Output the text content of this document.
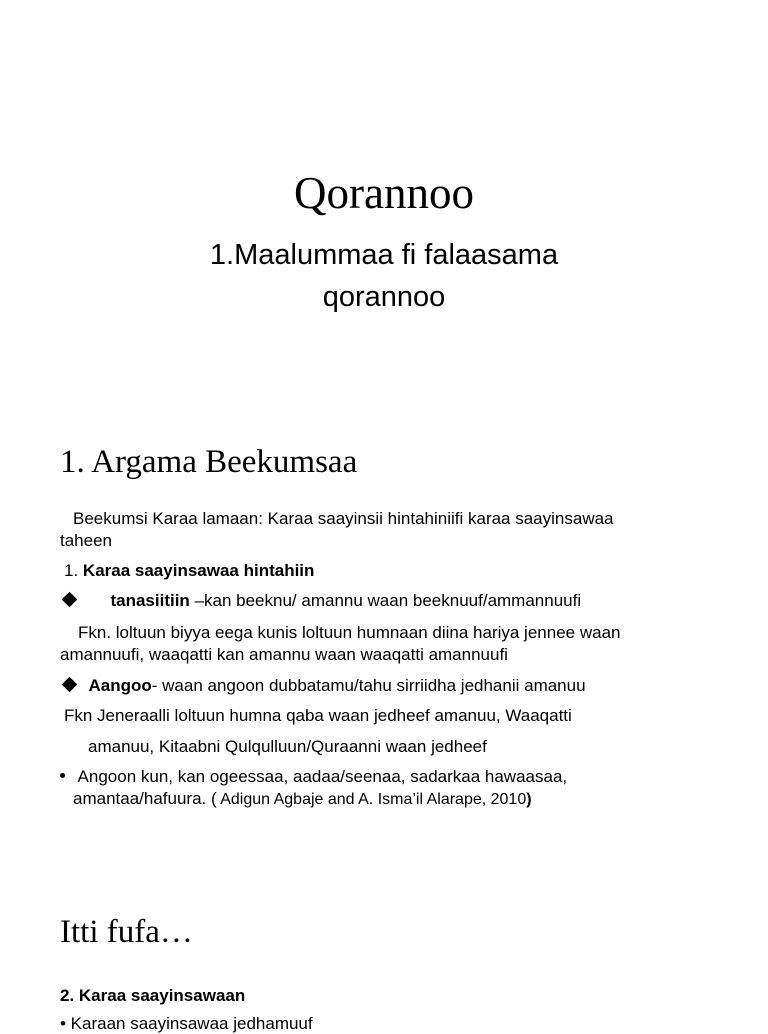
Qorannoo
1.Maalummaa fi falaasama
qorannoo
1. Argama Beekumsaa
Beekumsi Karaa lamaan: Karaa saayinsii hintahiniifi karaa saayinsawaa
taheen
1. Karaa saayinsawaa hintahiin
tanasiitiin –kan beeknu/ amannu waan beeknuuf/ammannuufi
Fkn. loltuun biyya eega kunis loltuun humnaan diina hariya jennee waan
amannuufi, waaqatti kan amannu waan waaqatti amannuufi
Aangoo- waan angoon dubbatamu/tahu sirriidha jedhanii amanuu
Fkn Jeneraalli loltuun humna qaba waan jedheef amanuu, Waaqatti
amanuu, Kitaabni Qulqulluun/Quraanni waan jedheef
Angoon kun, kan ogeessaa, aadaa/seenaa, sadarkaa hawaasaa,
amantaa/hafuura. ( Adigun Agbaje and A. Isma’il Alarape, 2010)
Itti fufa…
2. Karaa saayinsawaan
• Karaan saayinsawaa jedhamuuf
